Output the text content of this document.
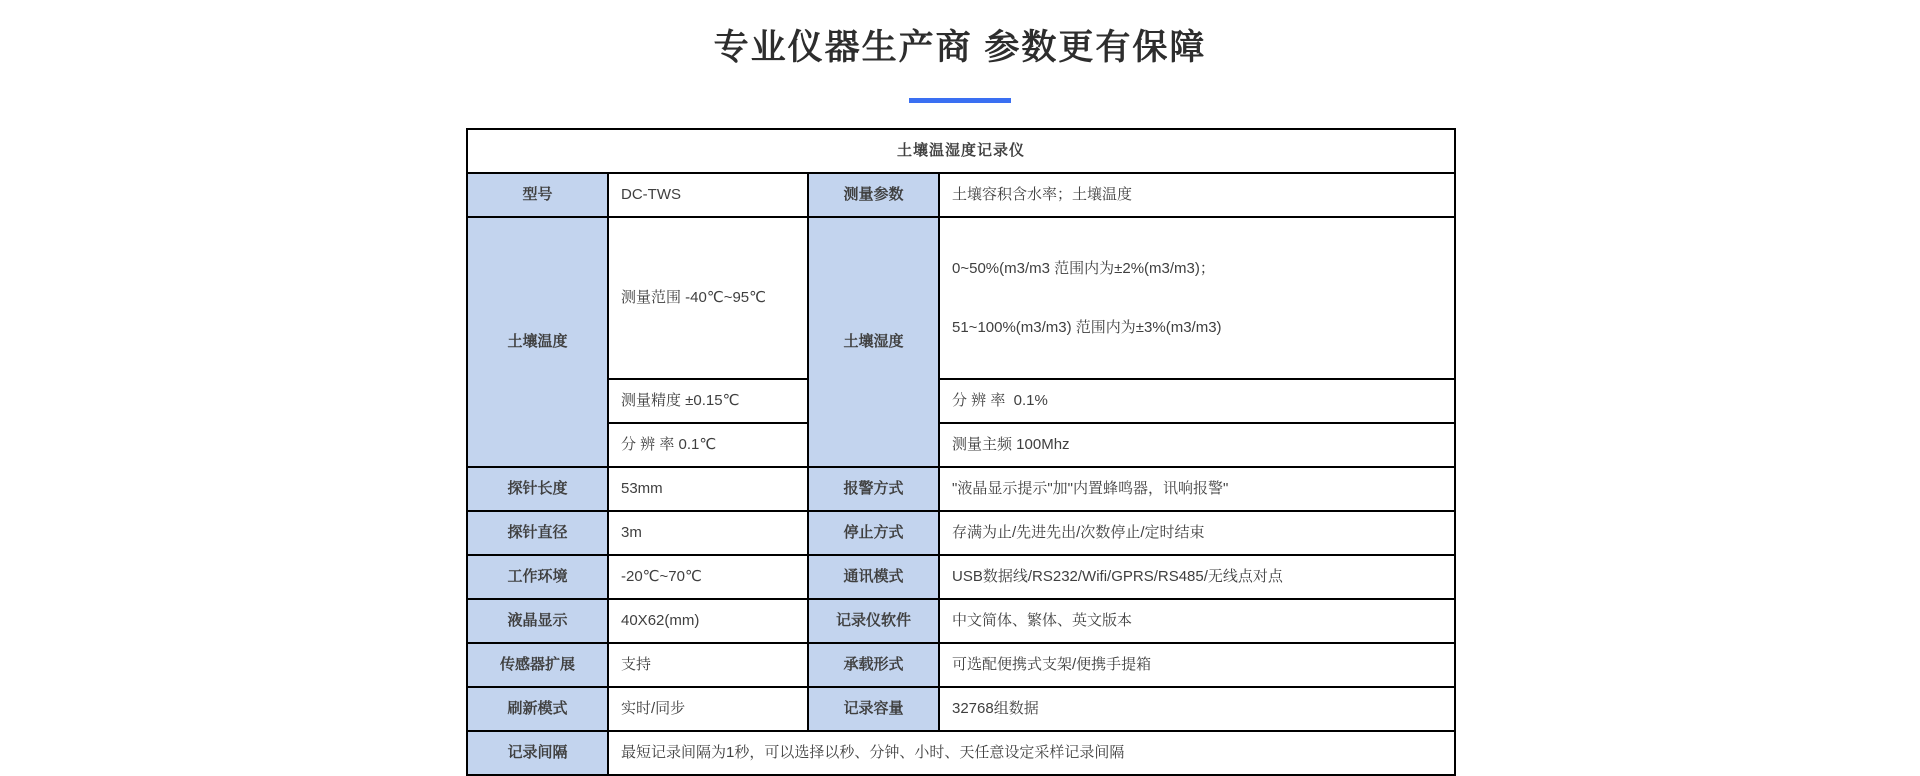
专业仪器生产商 参数更有保障
土壤温湿度记录仪			
型号	DC-TWS	测量参数	土壤容积含水率；土壤温度
土壤温度	测量范围 -40℃~95℃	土壤湿度	0~50%(m3/m3 范围内为±2%(m3/m3)；

51~100%(m3/m3) 范围内为±3%(m3/m3)

	测量精度 ±0.15℃		分 辨 率  0.1%
	分 辨 率 0.1℃		测量主频 100Mhz
探针长度	53mm	报警方式	"液晶显示提示"加"内置蜂鸣器，讯响报警"
探针直径	3m	停止方式	存满为止/先进先出/次数停止/定时结束
工作环境	-20℃~70℃	通讯模式	USB数据线/RS232/Wifi/GPRS/RS485/无线点对点
液晶显示	40X62(mm)	记录仪软件	中文简体、繁体、英文版本
传感器扩展	支持	承载形式	可选配便携式支架/便携手提箱
刷新模式	实时/同步	记录容量	32768组数据
记录间隔	最短记录间隔为1秒，可以选择以秒、分钟、小时、天任意设定采样记录间隔		
